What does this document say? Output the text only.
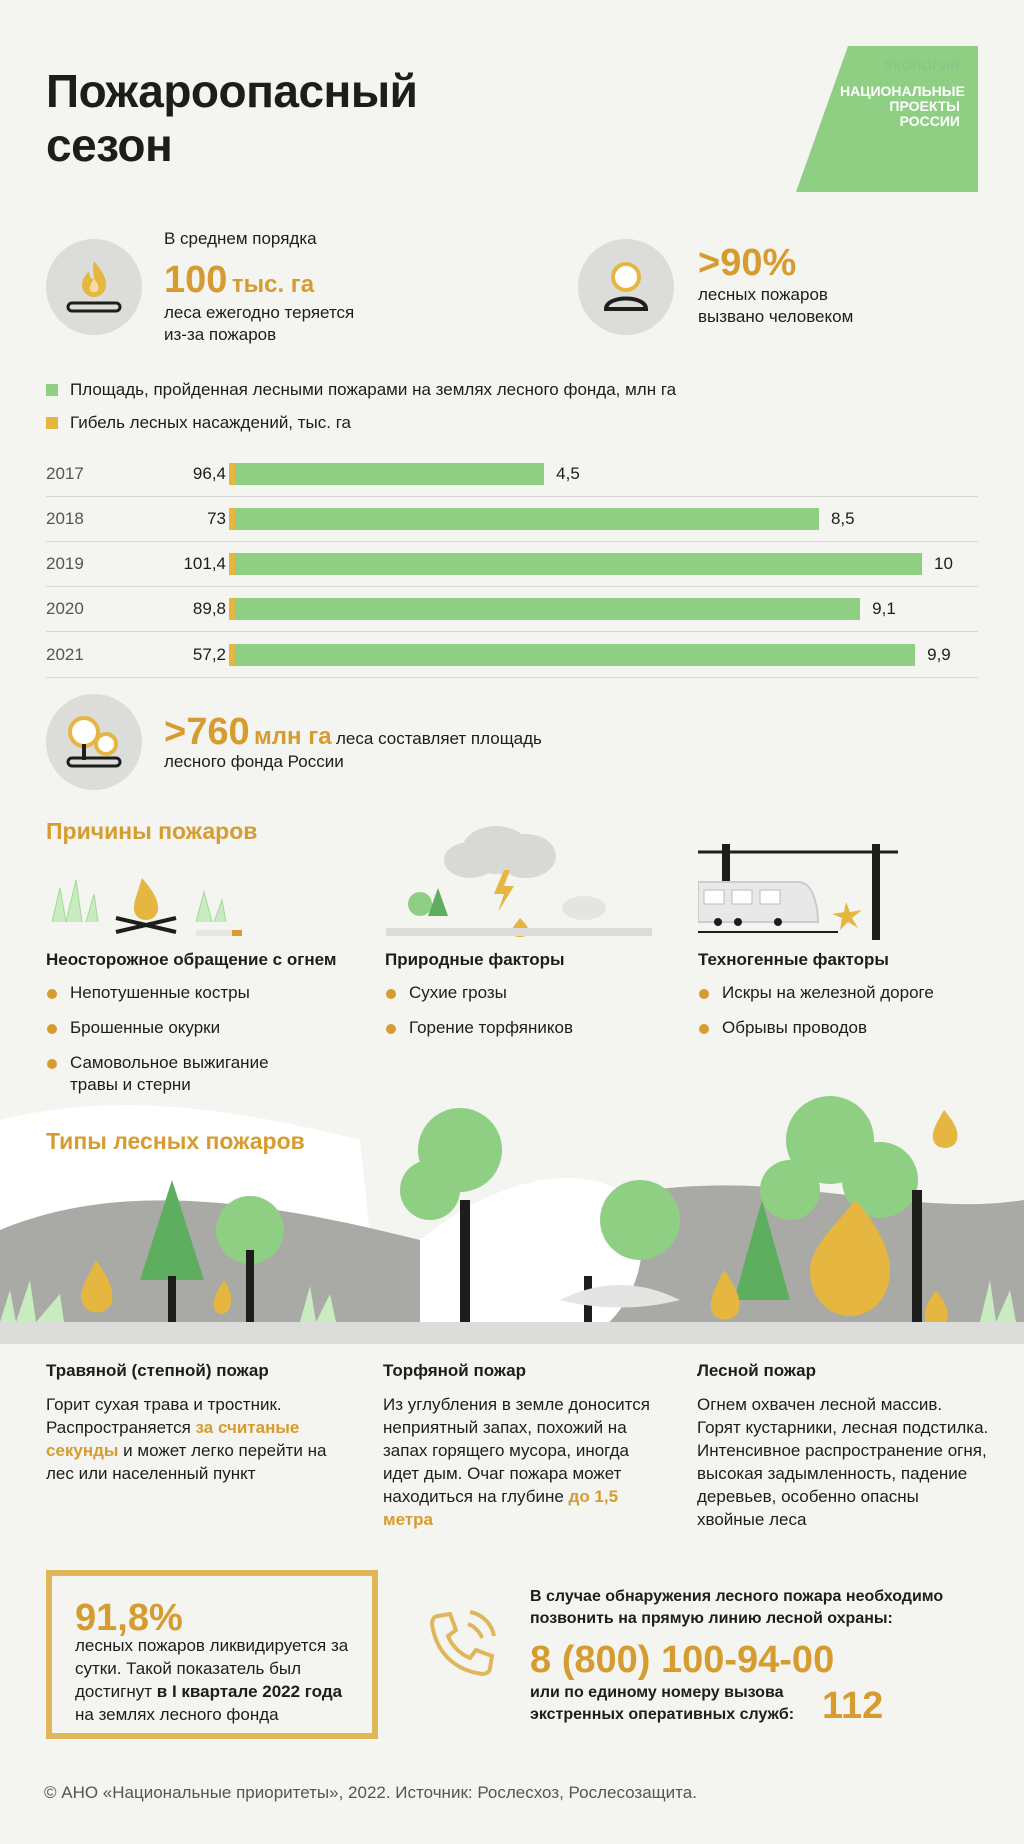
Пожароопасный
сезон
ЭКОЛОГИЯ
НАЦИОНАЛЬНЫЕ
ПРОЕКТЫ
РОССИИ
В среднем порядка
100 тыс. га
леса ежегодно теряется
из-за пожаров
>90%
лесных пожаров
вызвано человеком
Площадь, пройденная лесными пожарами на землях лесного фонда, млн га
Гибель лесных насаждений, тыс. га
2017	96,4	4,5
2018	73	8,5
2019	101,4	10
2020	89,8	9,1
2021	57,2	9,9
>760 млн га леса составляет площадь
лесного фонда России
Причины пожаров
Неосторожное обращение с огнем	Природные факторы	Техногенные факторы
Непотушенные костры
Брошенные окурки
Самовольное выжигание травы и стерни
Сухие грозы
Горение торфяников
Искры на железной дороге
Обрывы проводов
Типы лесных пожаров
Травяной (степной) пожар
Горит сухая трава и тростник. Распространяется за считаные секунды и может легко перейти на лес или населенный пункт
Торфяной пожар
Из углубления в земле доносится неприятный запах, похожий на запах горящего мусора, иногда идет дым. Очаг пожара может находиться на глубине до 1,5 метра
Лесной пожар
Огнем охвачен лесной массив. Горят кустарники, лесная подстилка. Интенсивное распространение огня, высокая задымленность, падение деревьев, особенно опасны хвойные леса
91,8%
лесных пожаров ликвидируется за сутки. Такой показатель был достигнут в I квартале 2022 года на землях лесного фонда
В случае обнаружения лесного пожара необходимо
позвонить на прямую линию лесной охраны:
8 (800) 100-94-00
или по единому номеру вызова
экстренных оперативных служб: 112
© АНО «Национальные приоритеты», 2022. Источник: Рослесхоз, Рослесозащита.
